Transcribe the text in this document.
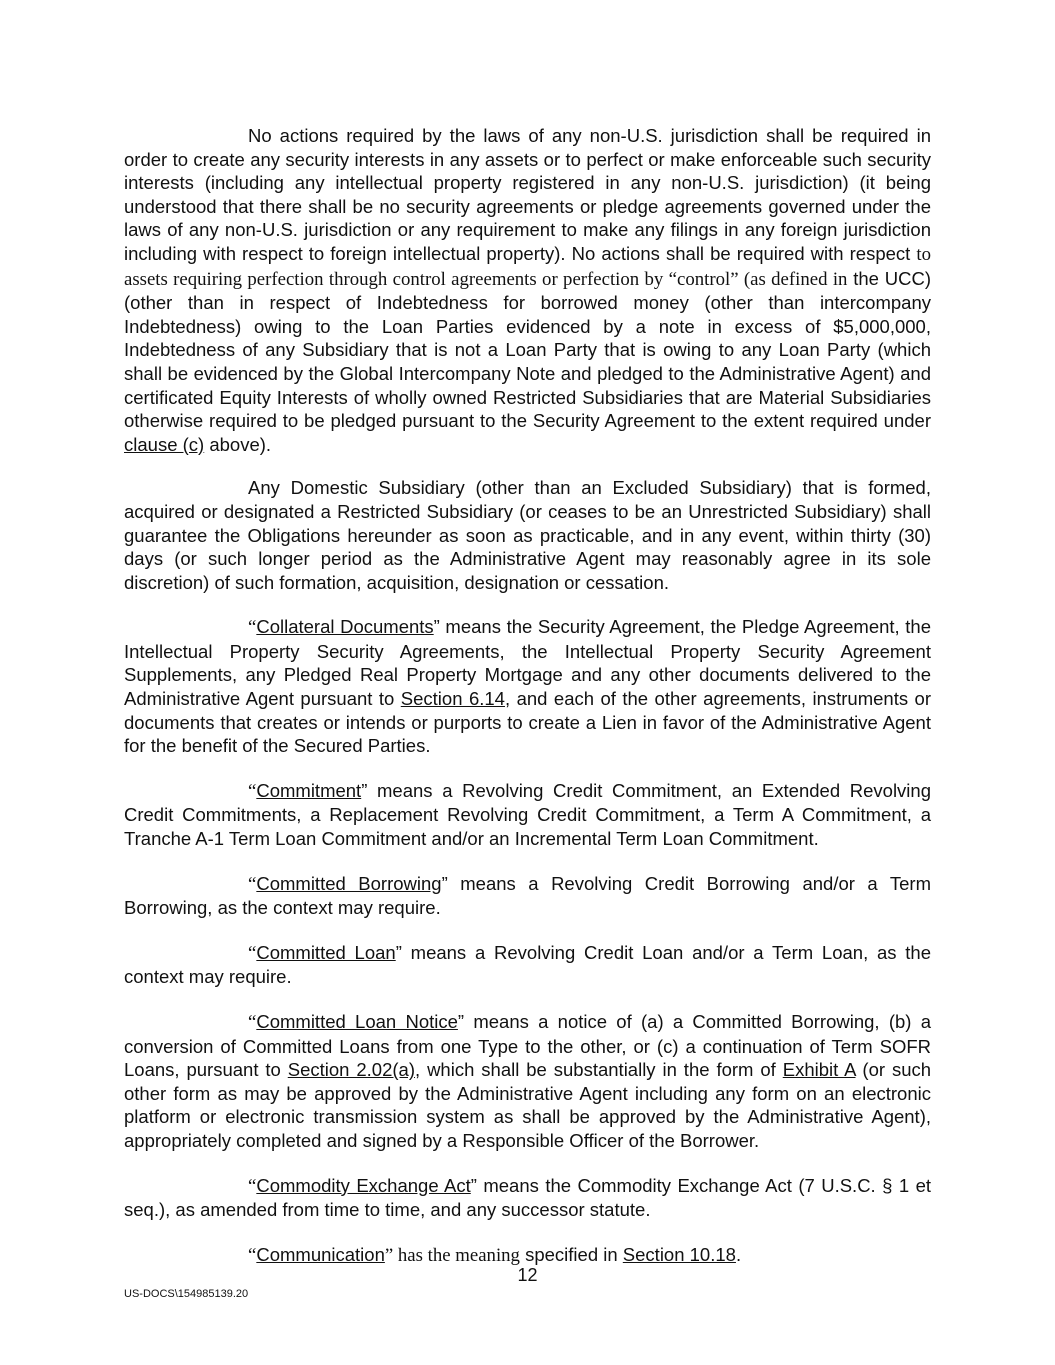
No actions required by the laws of any non-U.S. jurisdiction shall be required in order to create any security interests in any assets or to perfect or make enforceable such security interests (including any intellectual property registered in any non-U.S. jurisdiction) (it being understood that there shall be no security agreements or pledge agreements governed under the laws of any non-U.S. jurisdiction or any requirement to make any filings in any foreign jurisdiction including with respect to foreign intellectual property). No actions shall be required with respect to assets requiring perfection through control agreements or perfection by “control” (as defined in the UCC) (other than in respect of Indebtedness for borrowed money (other than intercompany Indebtedness) owing to the Loan Parties evidenced by a note in excess of $5,000,000, Indebtedness of any Subsidiary that is not a Loan Party that is owing to any Loan Party (which shall be evidenced by the Global Intercompany Note and pledged to the Administrative Agent) and certificated Equity Interests of wholly owned Restricted Subsidiaries that are Material Subsidiaries otherwise required to be pledged pursuant to the Security Agreement to the extent required under clause (c) above).

Any Domestic Subsidiary (other than an Excluded Subsidiary) that is formed, acquired or designated a Restricted Subsidiary (or ceases to be an Unrestricted Subsidiary) shall guarantee the Obligations hereunder as soon as practicable, and in any event, within thirty (30) days (or such longer period as the Administrative Agent may reasonably agree in its sole discretion) of such formation, acquisition, designation or cessation.

“Collateral Documents” means the Security Agreement, the Pledge Agreement, the Intellectual Property Security Agreements, the Intellectual Property Security Agreement Supplements, any Pledged Real Property Mortgage and any other documents delivered to the Administrative Agent pursuant to Section 6.14, and each of the other agreements, instruments or documents that creates or intends or purports to create a Lien in favor of the Administrative Agent for the benefit of the Secured Parties.

“Commitment” means a Revolving Credit Commitment, an Extended Revolving Credit Commitments, a Replacement Revolving Credit Commitment, a Term A Commitment, a Tranche A-1 Term Loan Commitment and/or an Incremental Term Loan Commitment.

“Committed Borrowing” means a Revolving Credit Borrowing and/or a Term Borrowing, as the context may require.

“Committed Loan” means a Revolving Credit Loan and/or a Term Loan, as the context may require.

“Committed Loan Notice” means a notice of (a) a Committed Borrowing, (b) a conversion of Committed Loans from one Type to the other, or (c) a continuation of Term SOFR Loans, pursuant to Section 2.02(a), which shall be substantially in the form of Exhibit A (or such other form as may be approved by the Administrative Agent including any form on an electronic platform or electronic transmission system as shall be approved by the Administrative Agent), appropriately completed and signed by a Responsible Officer of the Borrower.

“Commodity Exchange Act” means the Commodity Exchange Act (7 U.S.C. § 1 et seq.), as amended from time to time, and any successor statute.

“Communication” has the meaning specified in Section 10.18.

12
US-DOCS\154985139.20
